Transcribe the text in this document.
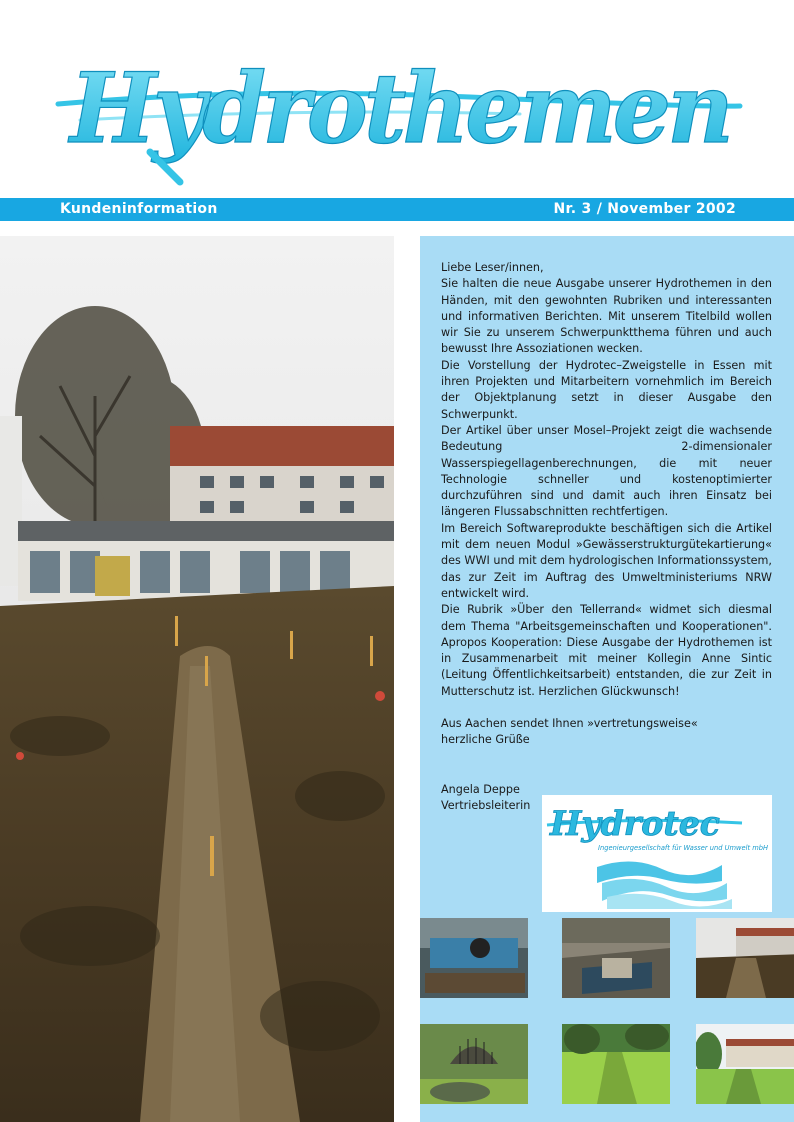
Hydrothemen
Kundeninformation	Nr. 3 / November 2002

Liebe Leser/innen,

Sie halten die neue Ausgabe unserer Hydrothemen in den Händen, mit den gewohnten Rubriken und interessanten und informativen Berichten. Mit unserem Titelbild wollen wir Sie zu unserem Schwerpunktthema führen und auch bewusst Ihre Assoziationen wecken.

Die Vorstellung der Hydrotec–Zweigstelle in Essen mit ihren Projekten und Mitarbeitern vornehmlich im Bereich der Objektplanung setzt in dieser Ausgabe den Schwerpunkt.

Der Artikel über unser Mosel–Projekt zeigt die wachsende Bedeutung 2-dimensionaler Wasserspiegellagenberechnungen, die mit neuer Technologie schneller und kostenoptimierter durchzuführen sind und damit auch ihren Einsatz bei längeren Flussabschnitten rechtfertigen.

Im Bereich Softwareprodukte beschäftigen sich die Artikel mit dem neuen Modul »Gewässerstrukturgütekartierung« des WWI und mit dem hydrologischen Informationssystem, das zur Zeit im Auftrag des Umweltministeriums NRW entwickelt wird.

Die Rubrik »Über den Tellerrand« widmet sich diesmal dem Thema "Arbeitsgemeinschaften und Kooperationen". Apropos Kooperation: Diese Ausgabe der Hydrothemen ist in Zusammenarbeit mit meiner Kollegin Anne Sintic (Leitung Öffentlichkeitsarbeit) entstanden, die zur Zeit in Mutterschutz ist. Herzlichen Glückwunsch!

Aus Aachen sendet Ihnen »vertretungsweise«

herzliche Grüße

Angela Deppe

Vertriebsleiterin Hydrotec
Ingenieurgesellschaft für Wasser und Umwelt mbH
